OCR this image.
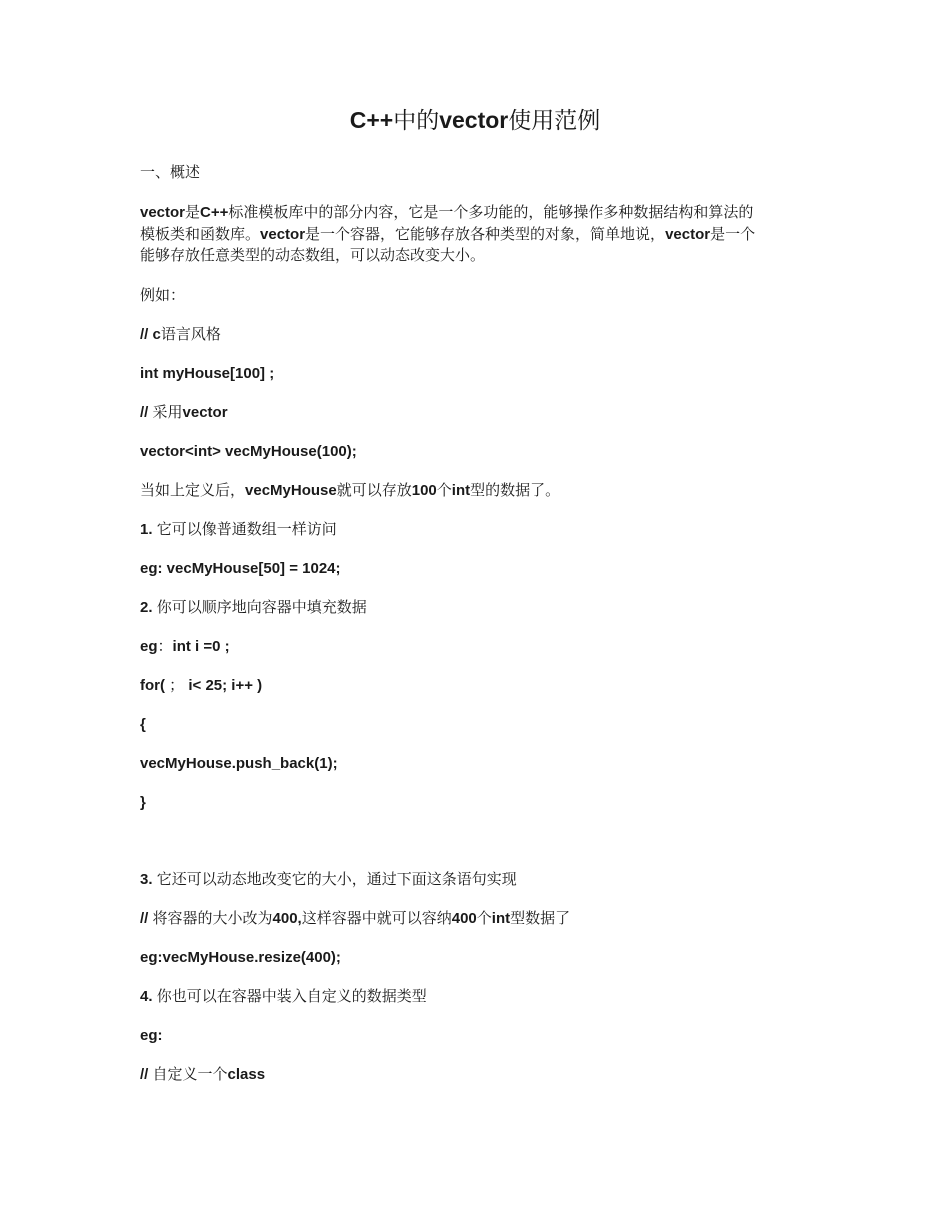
C++中的vector使用范例
一、概述
vector是C++标准模板库中的部分内容，它是一个多功能的，能够操作多种数据结构和算法的
模板类和函数库。vector是一个容器，它能够存放各种类型的对象，简单地说，vector是一个
能够存放任意类型的动态数组，可以动态改变大小。
例如：
// c语言风格
int myHouse[100] ;
// 采用vector
vector<int> vecMyHouse(100);
当如上定义后，vecMyHouse就可以存放100个int型的数据了。
1. 它可以像普通数组一样访问
eg: vecMyHouse[50] = 1024;
2. 你可以顺序地向容器中填充数据
eg：int i =0 ;
for( ； i< 25; i++ )
{
vecMyHouse.push_back(1);
}
3. 它还可以动态地改变它的大小，通过下面这条语句实现
// 将容器的大小改为400,这样容器中就可以容纳400个int型数据了
eg:vecMyHouse.resize(400);
4. 你也可以在容器中装入自定义的数据类型
eg:
// 自定义一个class
